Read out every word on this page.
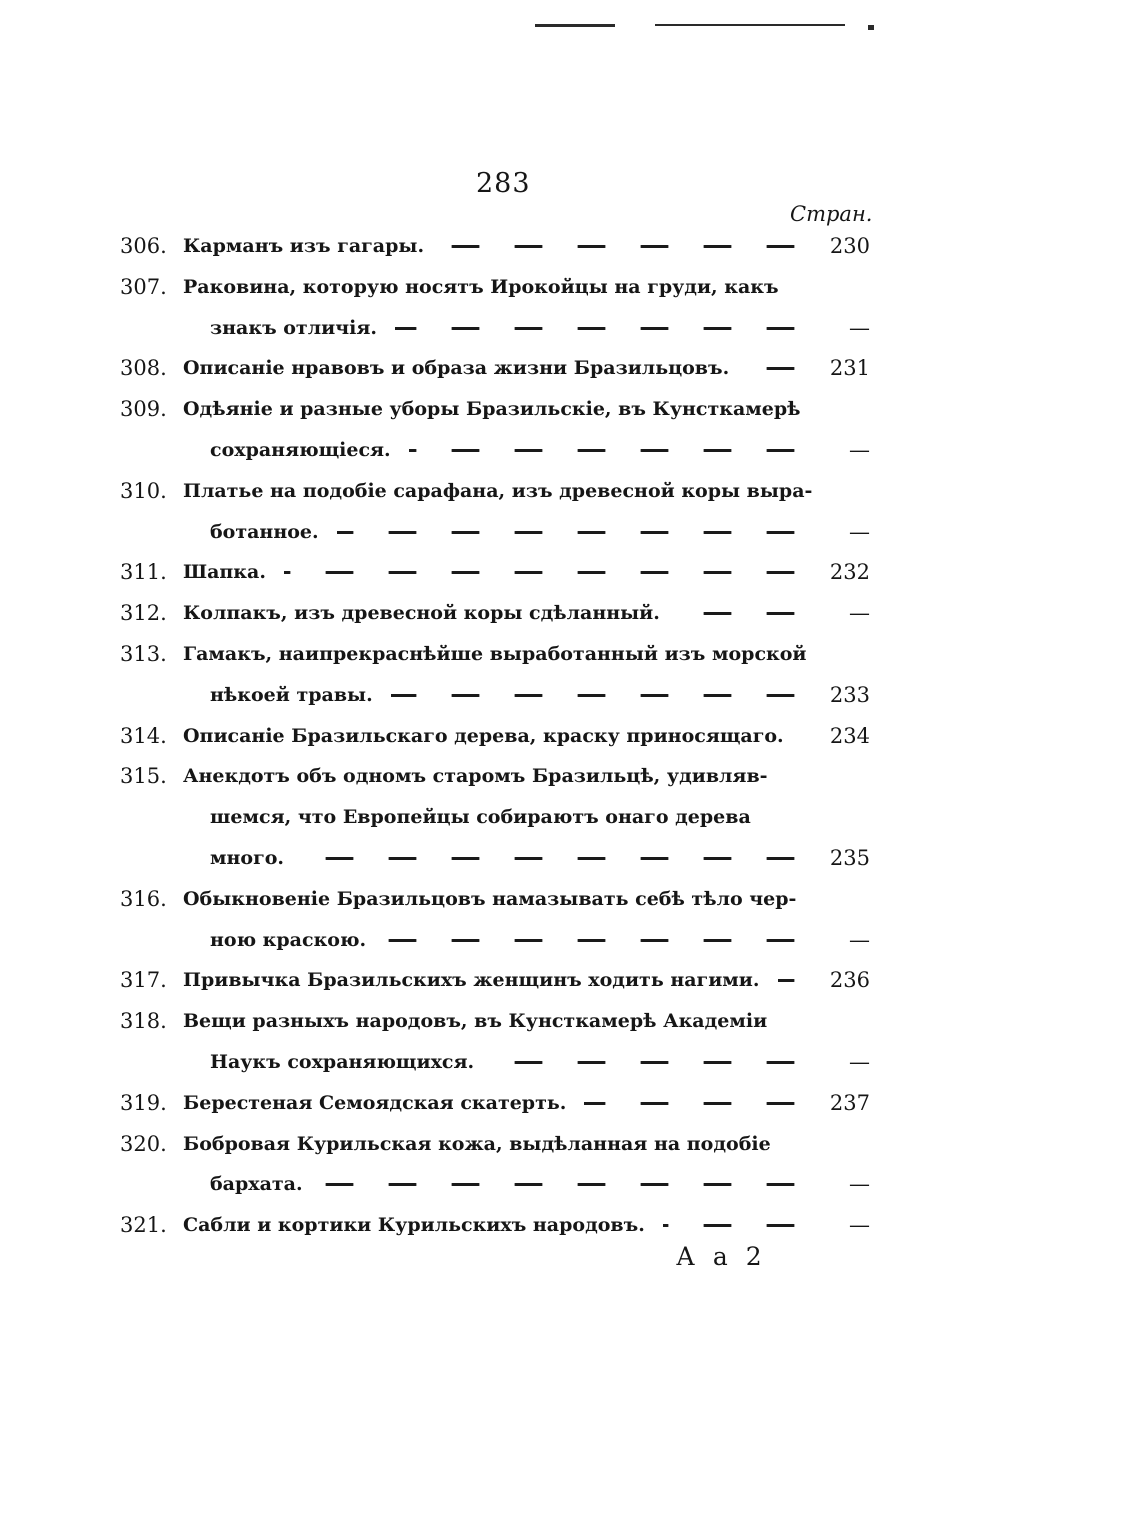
283
Стран.
306. Карманъ изъ гагары.	230
307. Раковина, которую носятъ Ирокойцы на груди, какъ
знакъ отличія.	—
308. Описаніе нравовъ и образа жизни Бразильцовъ.	231
309. Одѣяніе и разные уборы Бразильскіе, въ Кунсткамерѣ
сохраняющіеся.	—
310. Платье на подобіе сарафана, изъ древесной коры выра-
ботанное.	—
311. Шапка.	232
312. Колпакъ, изъ древесной коры сдѣланный.	—
313. Гамакъ, наипрекраснѣйше выработанный изъ морской
нѣкоей травы.	233
314. Описаніе Бразильскаго дерева, краску приносящаго.	234
315. Анекдотъ объ одномъ старомъ Бразильцѣ, удивляв-
шемся, что Европейцы собираютъ онаго дерева
много.	235
316. Обыкновеніе Бразильцовъ намазывать себѣ тѣло чер-
ною краскою.	—
317. Привычка Бразильскихъ женщинъ ходить нагими.	236
318. Вещи разныхъ народовъ, въ Кунсткамерѣ Академіи
Наукъ сохраняющихся.	—
319. Берестеная Семоядская скатерть.	237
320. Бобровая Курильская кожа, выдѣланная на подобіе
бархата.	—
321. Сабли и кортики Курильскихъ народовъ.	—
А а 2
